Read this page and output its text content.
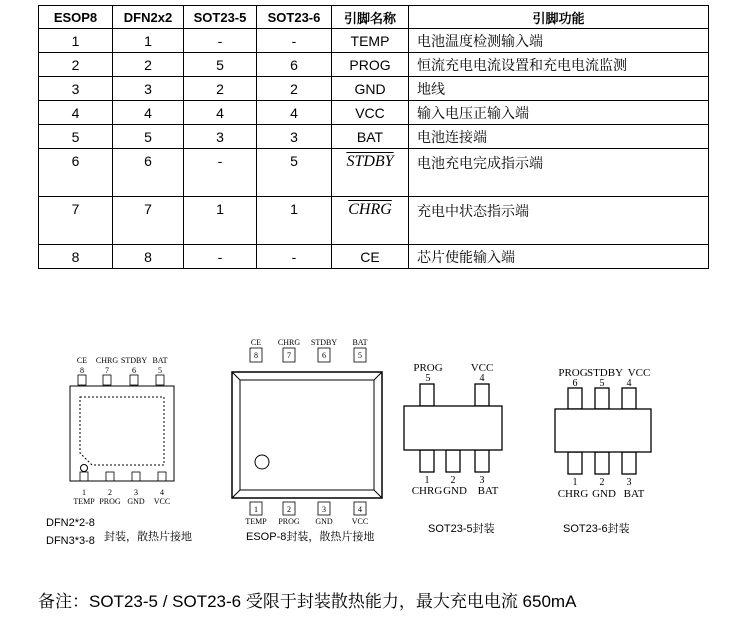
ESOP8	DFN2x2	SOT23-5	SOT23-6	引脚名称	引脚功能
1	1	-	-	TEMP	电池温度检测输入端
2	2	5	6	PROG	恒流充电电流设置和充电电流监测
3	3	2	2	GND	地线
4	4	4	4	VCC	输入电压正输入端
5	5	3	3	BAT	电池连接端
6	6	-	5	STDBY	电池充电完成指示端
7	7	1	1	CHRG	充电中状态指示端
8	8	-	-	CE	芯片使能输入端
CE CHRG STDBY BAT
8	7	6	5
1	2	3	4
TEMP PROG GND VCC
CE CHRG STDBY BAT
8	7	6	5
1	2	3	4
TEMP PROG GND VCC
PROG	VCC
5	4
1 2 3
CHRG GND BAT
PROG STDBY VCC
6 5 4
1 2 3
CHRG GND BAT
DFN2*2-8
DFN3*3-8 封装，散热片接地	ESOP-8封装，散热片接地
SOT23-5封装	SOT23-6封装
备注：SOT23-5 / SOT23-6 受限于封装散热能力，最大充电电流 650mA
